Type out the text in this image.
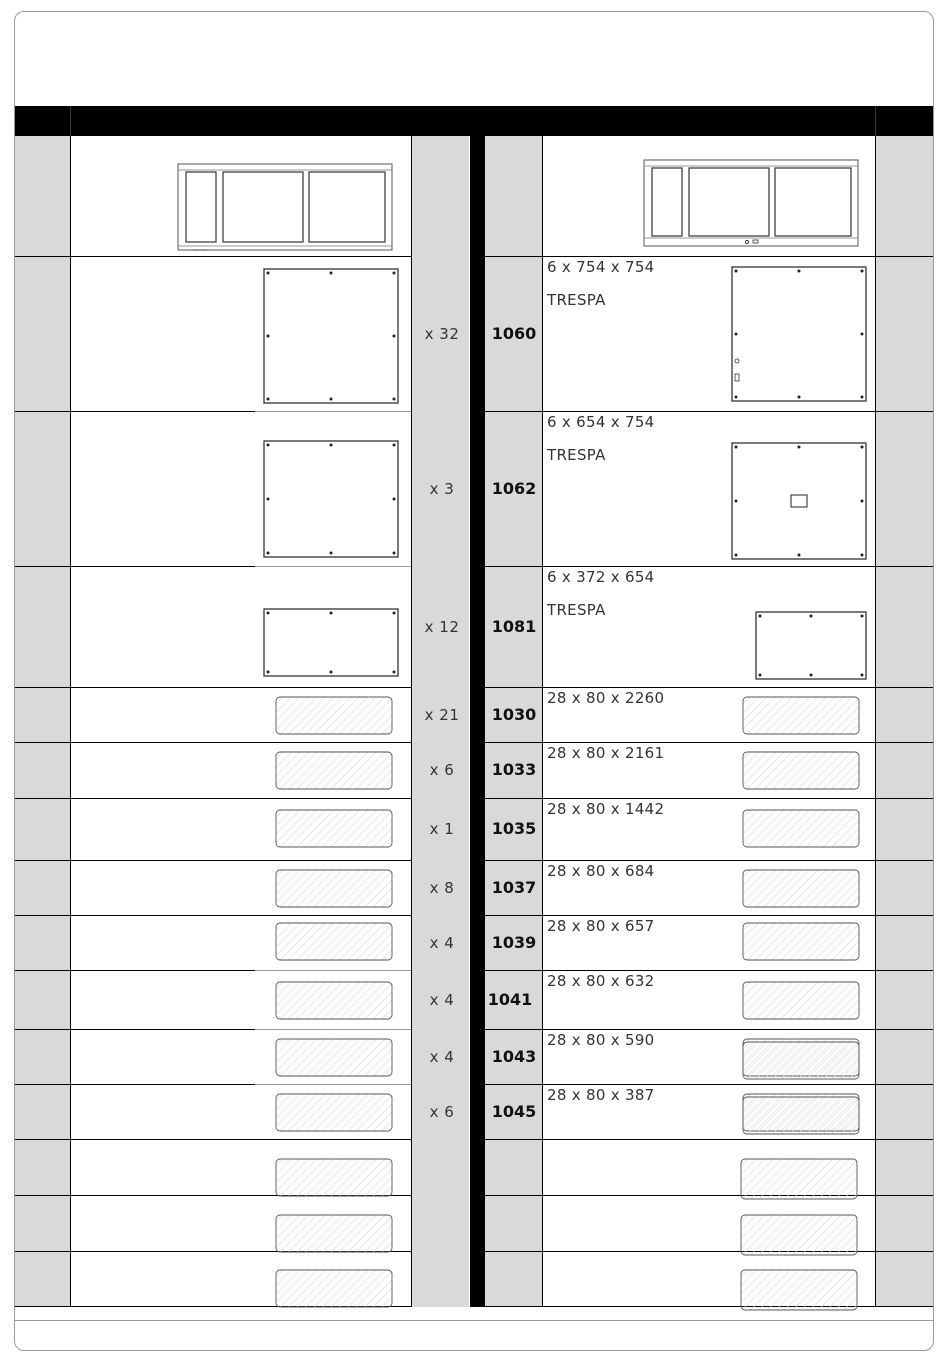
x 32	1060
6 x 754 x 754
TRESPA
x 3	1062
6 x 654 x 754
TRESPA
x 12	1081
6 x 372 x 654
TRESPA
x 21	1030
28 x 80 x 2260
x 6	1033
28 x 80 x 2161
x 1	1035
28 x 80 x 1442
x 8	1037
28 x 80 x 684
x 4	1039
28 x 80 x 657
x 4	1041
28 x 80 x 632
x 4	1043
28 x 80 x 590
x 6	1045
28 x 80 x 387
